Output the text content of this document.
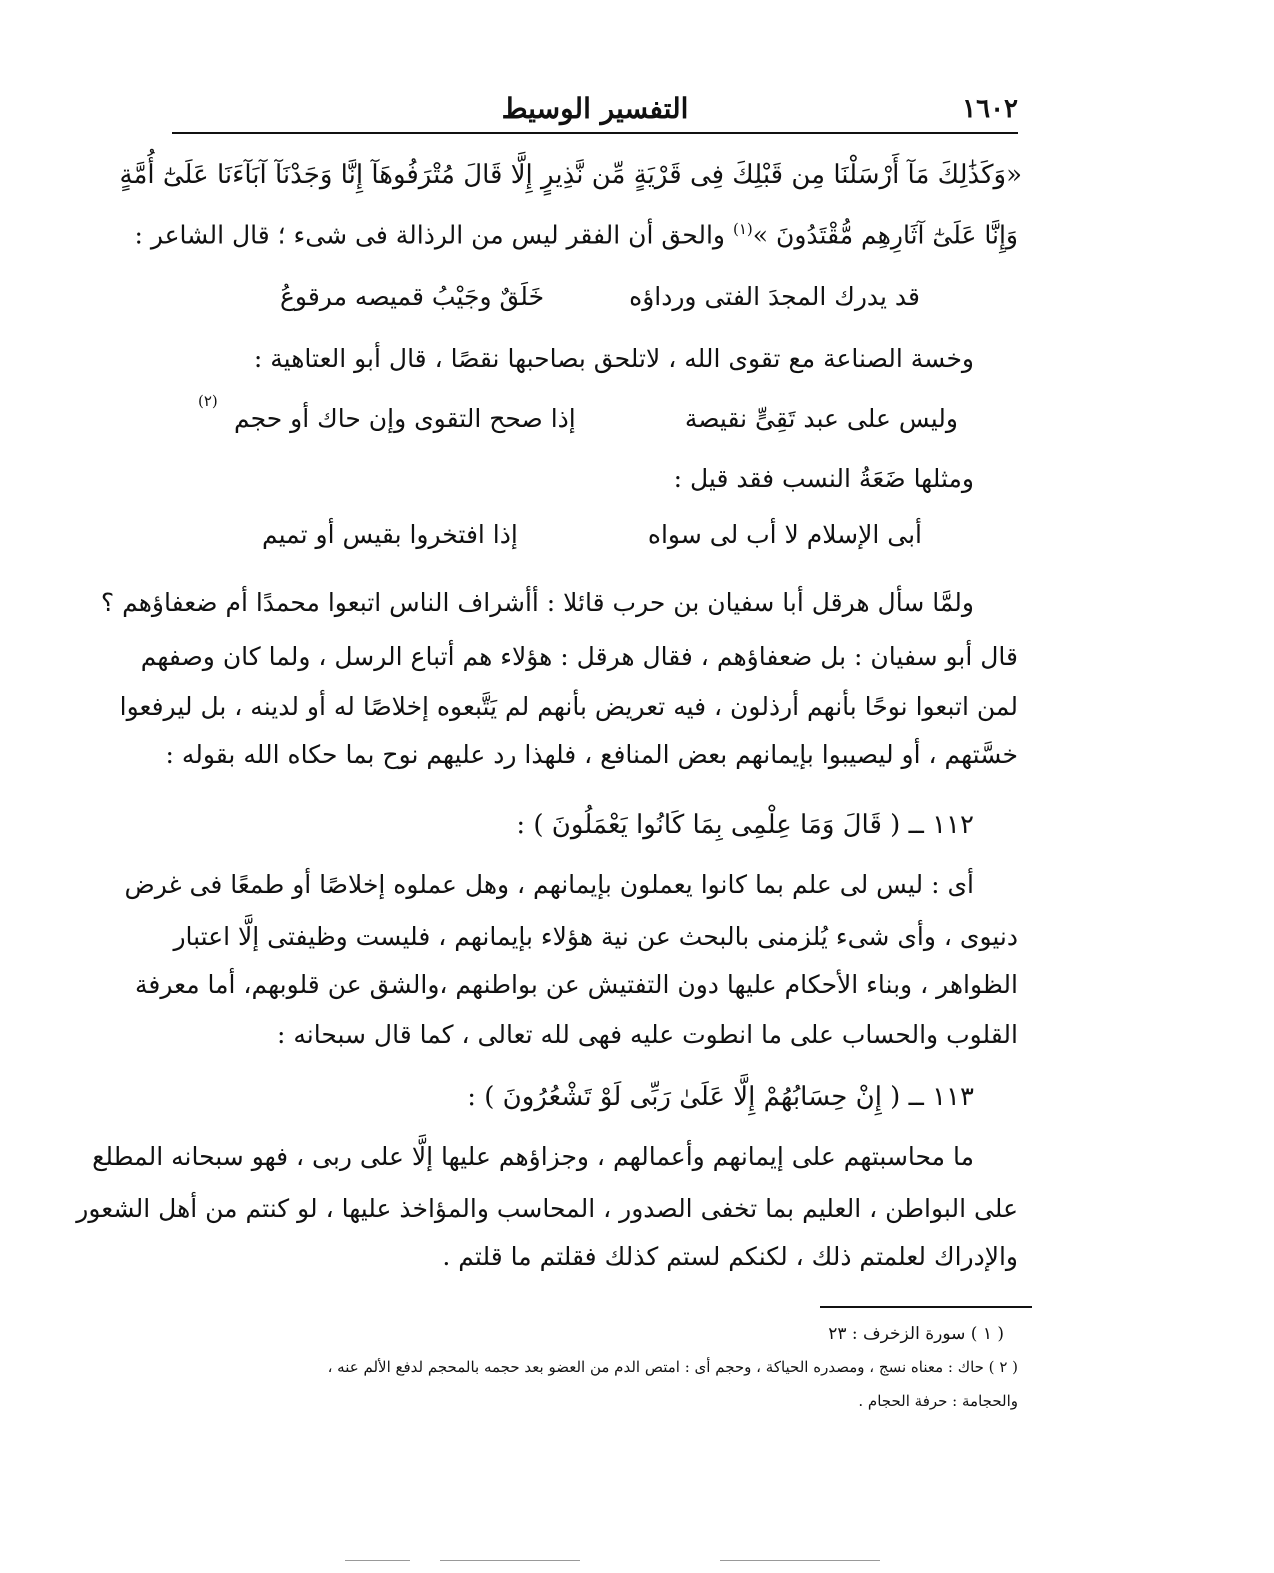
١٦٠٢
التفسير الوسيط
«وَكَذَٰلِكَ مَآ أَرْسَلْنَا مِن قَبْلِكَ فِى قَرْيَةٍ مِّن نَّذِيرٍ إِلَّا قَالَ مُتْرَفُوهَآ إِنَّا وَجَدْنَآ آبَآءَنَا عَلَىٰٓ أُمَّةٍ
وَإِنَّا عَلَىٰٓ آثَارِهِم مُّقْتَدُونَ »$^{(١)}$ والحق أن الفقر ليس من الرذالة فى شىء ؛ قال الشاعر :
قد يدرك المجدَ الفتى ورداؤه
خَلَقٌ وجَيْبُ قميصه مرقوعُ
وخسة الصناعة مع تقوى الله ، لاتلحق بصاحبها نقصًا ، قال أبو العتاهية :
وليس على عبد تَقِىٍّ نقيصة
إذا صحح التقوى وإن حاك أو حجم
(٢)
ومثلها ضَعَةُ النسب فقد قيل :
أبى الإسلام لا أب لى سواه
إذا افتخروا بقيس أو تميم
ولمَّا سأل هرقل أبا سفيان بن حرب قائلا : أأشراف الناس اتبعوا محمدًا أم ضعفاؤهم ؟
قال أبو سفيان : بل ضعفاؤهم ، فقال هرقل : هؤلاء هم أتباع الرسل ، ولما كان وصفهم
لمن اتبعوا نوحًا بأنهم أرذلون ، فيه تعريض بأنهم لم يَتَّبعوه إخلاصًا له أو لدينه ، بل ليرفعوا
خسَّتهم ، أو ليصيبوا بإيمانهم بعض المنافع ، فلهذا رد عليهم نوح بما حكاه الله بقوله :
١١٢ ــ ( قَالَ وَمَا عِلْمِى بِمَا كَانُوا يَعْمَلُونَ ) :
أى : ليس لى علم بما كانوا يعملون بإيمانهم ، وهل عملوه إخلاصًا أو طمعًا فى غرض
دنيوى ، وأى شىء يُلزمنى بالبحث عن نية هؤلاء بإيمانهم ، فليست وظيفتى إلَّا اعتبار
الظواهر ، وبناء الأحكام عليها دون التفتيش عن بواطنهم ،والشق عن قلوبهم، أما معرفة
القلوب والحساب على ما انطوت عليه فهى لله تعالى ، كما قال سبحانه :
١١٣ ــ ( إِنْ حِسَابُهُمْ إِلَّا عَلَىٰ رَبِّى لَوْ تَشْعُرُونَ ) :
ما محاسبتهم على إيمانهم وأعمالهم ، وجزاؤهم عليها إلَّا على ربى ، فهو سبحانه المطلع
على البواطن ، العليم بما تخفى الصدور ، المحاسب والمؤاخذ عليها ، لو كنتم من أهل الشعور
والإدراك لعلمتم ذلك ، لكنكم لستم كذلك فقلتم ما قلتم .
( ١ ) سورة الزخرف : ٢٣
( ٢ ) حاك : معناه نسج ، ومصدره الحياكة ، وحجم أى : امتص الدم من العضو بعد حجمه بالمحجم لدفع الألم عنه ،
والحجامة : حرفة الحجام .
